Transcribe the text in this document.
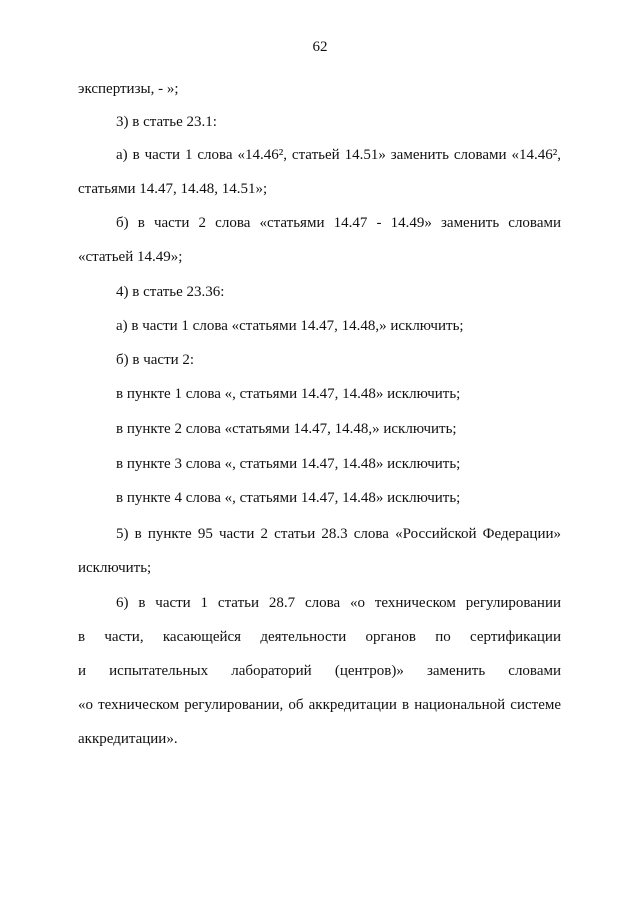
62
экспертизы, - »;
3) в статье 23.1:
а) в части 1 слова «14.46², статьей 14.51» заменить словами «14.46²,
статьями 14.47, 14.48, 14.51»;
б) в части 2 слова «статьями 14.47 - 14.49» заменить словами
«статьей 14.49»;
4) в статье 23.36:
а) в части 1 слова «статьями 14.47, 14.48,» исключить;
б) в части 2:
в пункте 1 слова «, статьями 14.47, 14.48» исключить;
в пункте 2 слова «статьями 14.47, 14.48,» исключить;
в пункте 3 слова «, статьями 14.47, 14.48» исключить;
в пункте 4 слова «, статьями 14.47, 14.48» исключить;
5) в пункте 95 части 2 статьи 28.3 слова «Российской Федерации»
исключить;
6) в части 1 статьи 28.7 слова «о техническом регулировании
в части, касающейся деятельности органов по сертификации
и испытательных лабораторий (центров)» заменить словами
«о техническом регулировании, об аккредитации в национальной системе
аккредитации».
